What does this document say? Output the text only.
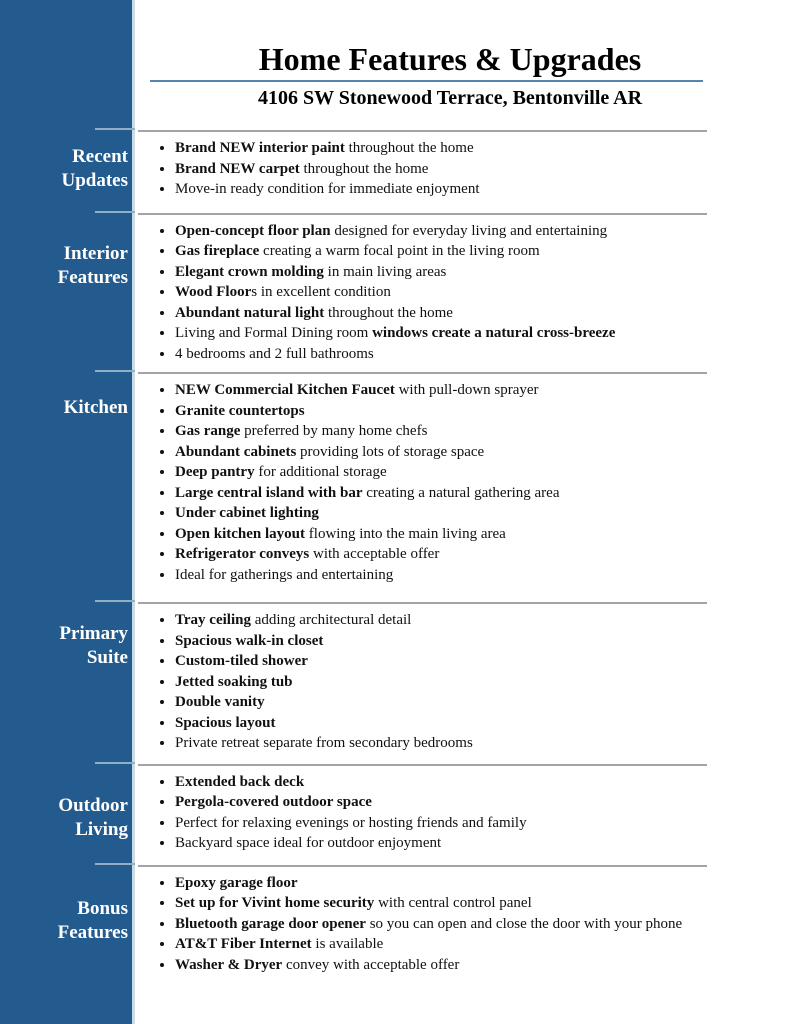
Home Features & Upgrades
4106 SW Stonewood Terrace, Bentonville AR
Recent
Updates
• Brand NEW interior paint throughout the home
• Brand NEW carpet throughout the home
• Move-in ready condition for immediate enjoyment
Interior
Features
• Open-concept floor plan designed for everyday living and entertaining
• Gas fireplace creating a warm focal point in the living room
• Elegant crown molding in main living areas
• Wood Floors in excellent condition
• Abundant natural light throughout the home
• Living and Formal Dining room windows create a natural cross-breeze
• 4 bedrooms and 2 full bathrooms
Kitchen
• NEW Commercial Kitchen Faucet with pull-down sprayer
• Granite countertops
• Gas range preferred by many home chefs
• Abundant cabinets providing lots of storage space
• Deep pantry for additional storage
• Large central island with bar creating a natural gathering area
• Under cabinet lighting
• Open kitchen layout flowing into the main living area
• Refrigerator conveys with acceptable offer
• Ideal for gatherings and entertaining
Primary
Suite
• Tray ceiling adding architectural detail
• Spacious walk-in closet
• Custom-tiled shower
• Jetted soaking tub
• Double vanity
• Spacious layout
• Private retreat separate from secondary bedrooms
Outdoor
Living
• Extended back deck
• Pergola-covered outdoor space
• Perfect for relaxing evenings or hosting friends and family
• Backyard space ideal for outdoor enjoyment
Bonus
Features
• Epoxy garage floor
• Set up for Vivint home security with central control panel
• Bluetooth garage door opener so you can open and close the door with your phone
• AT&T Fiber Internet is available
• Washer & Dryer convey with acceptable offer
